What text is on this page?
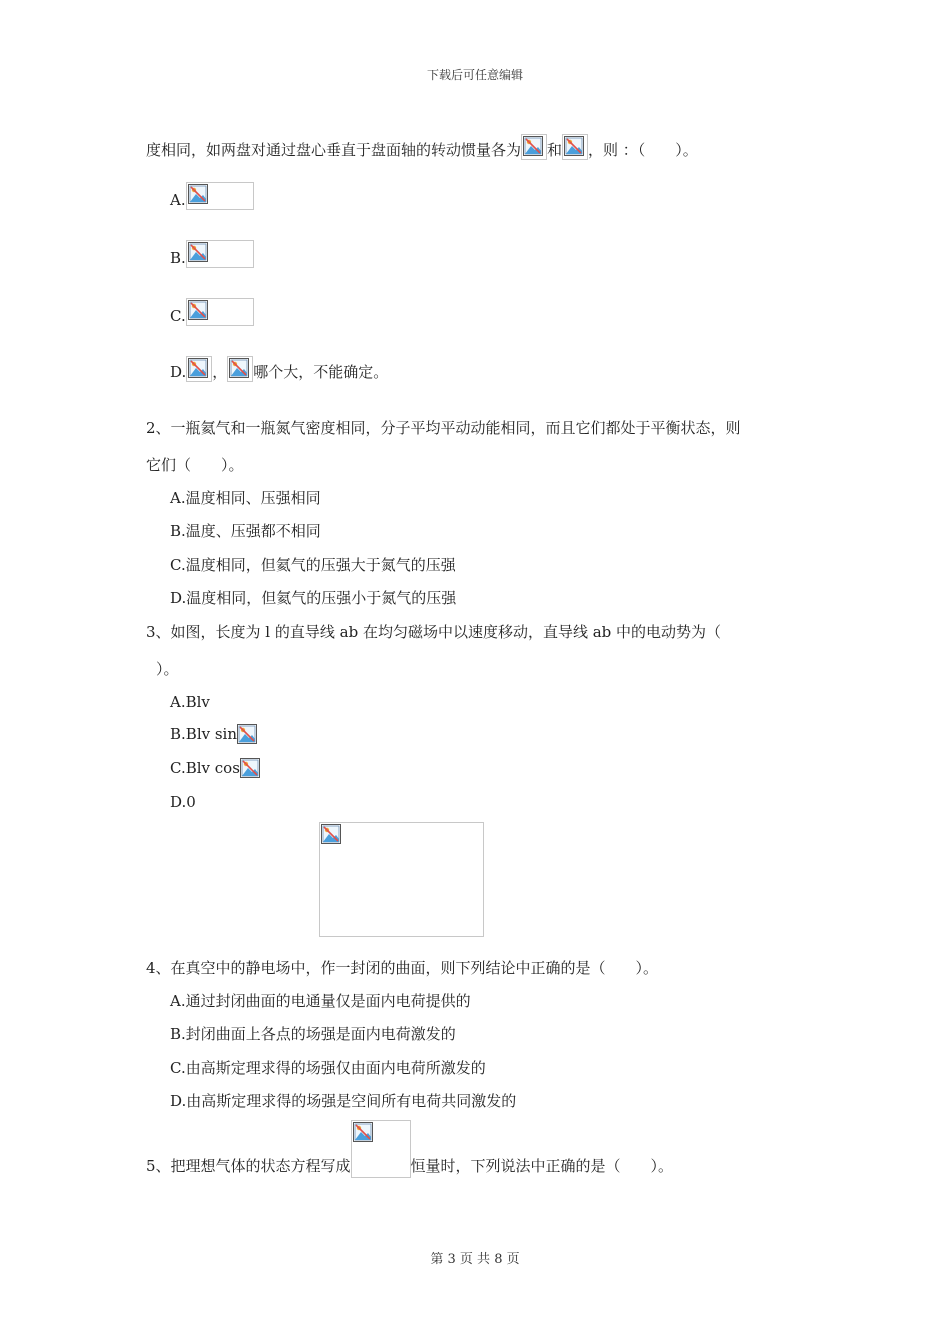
下载后可任意编辑
度相同，如两盘对通过盘心垂直于盘面轴的转动惯量各为 和 ，则 ：（　　）。
A.
B.
C.
D. ， 哪个大，不能确定。
2、一瓶氦气和一瓶氮气密度相同，分子平均平动动能相同，而且它们都处于平衡状态，则
它们（　　）。
A.温度相同、压强相同
B.温度、压强都不相同
C.温度相同，但氦气的压强大于氮气的压强
D.温度相同，但氦气的压强小于氮气的压强
3、如图，长度为 l 的直导线 ab 在均匀磁场中以速度移动，直导线 ab 中的电动势为（
）。
A.Blv
B.Blv sin
C.Blv cos
D.0
4、在真空中的静电场中，作一封闭的曲面，则下列结论中正确的是（　　）。
A.通过封闭曲面的电通量仅是面内电荷提供的
B.封闭曲面上各点的场强是面内电荷激发的
C.由高斯定理求得的场强仅由面内电荷所激发的
D.由高斯定理求得的场强是空间所有电荷共同激发的
5、把理想气体的状态方程写成	恒量时，下列说法中正确的是（　　）。
第 3 页 共 8 页
